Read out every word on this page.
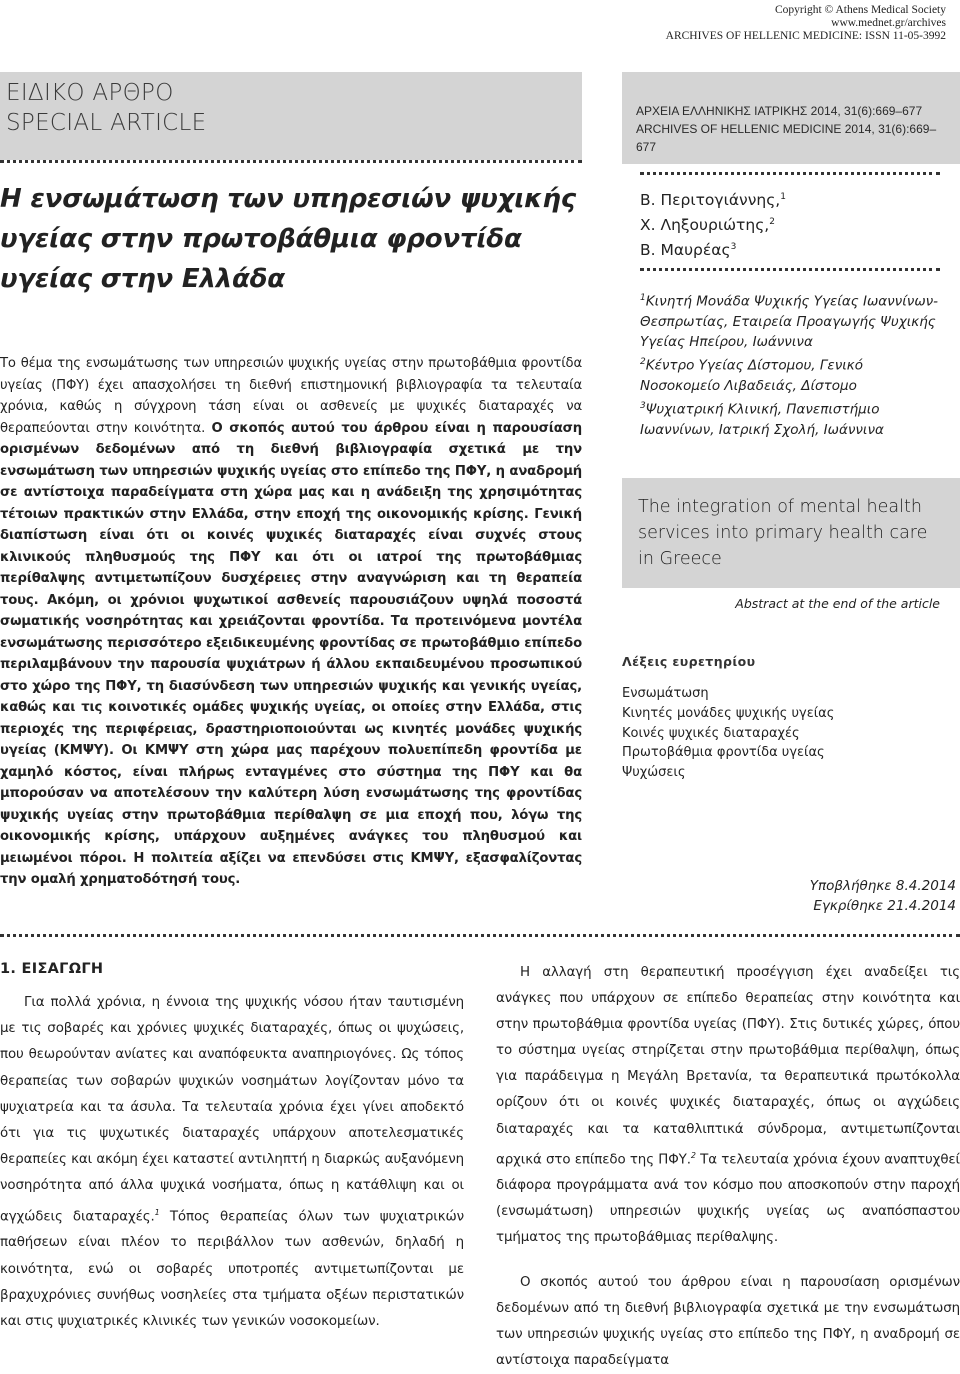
Copyright © Athens Medical Society
www.mednet.gr/archives
ARCHIVES OF HELLENIC MEDICINE: ISSN 11-05-3992
ΕΙΔΙΚΟ ΑΡΘΡΟ
SPECIAL ARTICLE
Η ενσωμάτωση των υπηρεσιών ψυχικής υγείας στην πρωτοβάθμια φροντίδα υγείας στην Ελλάδα
Το θέμα της ενσωμάτωσης των υπηρεσιών ψυχικής υγείας στην πρωτοβάθμια φροντίδα υγείας (ΠΦΥ) έχει απασχολήσει τη διεθνή επιστημονική βιβλιογραφία τα τελευταία χρόνια, καθώς η σύγχρονη τάση είναι οι ασθενείς με ψυχικές διαταραχές να θεραπεύονται στην κοινότητα. Ο σκοπός αυτού του άρθρου είναι η παρουσίαση ορισμένων δεδομένων από τη διεθνή βιβλιογραφία σχετικά με την ενσωμάτωση των υπηρεσιών ψυχικής υγείας στο επίπεδο της ΠΦΥ, η αναδρομή σε αντίστοιχα παραδείγματα στη χώρα μας και η ανάδειξη της χρησιμότητας τέτοιων πρακτικών στην Ελλάδα, στην εποχή της οικονομικής κρίσης. Γενική διαπίστωση είναι ότι οι κοινές ψυχικές διαταραχές είναι συχνές στους κλινικούς πληθυσμούς της ΠΦΥ και ότι οι ιατροί της πρωτοβάθμιας περίθαλψης αντιμετωπίζουν δυσχέρειες στην αναγνώριση και τη θεραπεία τους. Ακόμη, οι χρόνιοι ψυχωτικοί ασθενείς παρουσιάζουν υψηλά ποσοστά σωματικής νοσηρότητας και χρειάζονται φροντίδα. Τα προτεινόμενα μοντέλα ενσωμάτωσης περισσότερο εξειδικευμένης φροντίδας σε πρωτοβάθμιο επίπεδο περιλαμβάνουν την παρουσία ψυχιάτρων ή άλλου εκπαιδευμένου προσωπικού στο χώρο της ΠΦΥ, τη διασύνδεση των υπηρεσιών ψυχικής και γενικής υγείας, καθώς και τις κοινοτικές ομάδες ψυχικής υγείας, οι οποίες στην Ελλάδα, στις περιοχές της περιφέρειας, δραστηριοποιούνται ως κινητές μονάδες ψυχικής υγείας (ΚΜΨΥ). Οι ΚΜΨΥ στη χώρα μας παρέχουν πολυεπίπεδη φροντίδα με χαμηλό κόστος, είναι πλήρως ενταγμένες στο σύστημα της ΠΦΥ και θα μπορούσαν να αποτελέσουν την καλύτερη λύση ενσωμάτωσης της φροντίδας ψυχικής υγείας στην πρωτοβάθμια περίθαλψη σε μια εποχή που, λόγω της οικονομικής κρίσης, υπάρχουν αυξημένες ανάγκες του πληθυσμού και μειωμένοι πόροι. Η πολιτεία αξίζει να επενδύσει στις ΚΜΨΥ, εξασφαλίζοντας την ομαλή χρηματοδότησή τους.
ΑΡΧΕΙΑ ΕΛΛΗΝΙΚΗΣ ΙΑΤΡΙΚΗΣ 2014, 31(6):669–677
ARCHIVES OF HELLENIC MEDICINE 2014, 31(6):669–677
Β. Περιτογιάννης,$^1$
Χ. Ληξουριώτης,$^2$
Β. Μαυρέας$^3$
$^1$Κινητή Μονάδα Ψυχικής Υγείας Ιωαννίνων-Θεσπρωτίας, Εταιρεία Προαγωγής Ψυχικής Υγείας Ηπείρου, Ιωάννινα
$^2$Κέντρο Υγείας Δίστομου, Γενικό Νοσοκομείο Λιβαδειάς, Δίστομο
$^3$Ψυχιατρική Κλινική, Πανεπιστήμιο Ιωαννίνων, Ιατρική Σχολή, Ιωάννινα
The integration of mental health services into primary health care in Greece
Abstract at the end of the article
Λέξεις ευρετηρίου
Ενσωμάτωση
Κινητές μονάδες ψυχικής υγείας
Κοινές ψυχικές διαταραχές
Πρωτοβάθμια φροντίδα υγείας
Ψυχώσεις
Υποβλήθηκε 8.4.2014
Εγκρίθηκε 21.4.2014
1. ΕΙΣΑΓΩΓΗ

Για πολλά χρόνια, η έννοια της ψυχικής νόσου ήταν ταυτισμένη με τις σοβαρές και χρόνιες ψυχικές διαταραχές, όπως οι ψυχώσεις, που θεωρούνταν ανίατες και αναπόφευκτα αναπηριογόνες. Ως τόπος θεραπείας των σοβαρών ψυχικών νοσημάτων λογίζονταν μόνο τα ψυχιατρεία και τα άσυλα. Τα τελευταία χρόνια έχει γίνει αποδεκτό ότι για τις ψυχωτικές διαταραχές υπάρχουν αποτελεσματικές θεραπείες και ακόμη έχει καταστεί αντιληπτή η διαρκώς αυξανόμενη νοσηρότητα από άλλα ψυχικά νοσήματα, όπως η κατάθλιψη και οι αγχώδεις διαταραχές.$^1$ Τόπος θεραπείας όλων των ψυχιατρικών παθήσεων είναι πλέον το περιβάλλον των ασθενών, δηλαδή η κοινότητα, ενώ οι σοβαρές υποτροπές αντιμετωπίζονται με βραχυχρόνιες συνήθως νοσηλείες στα τμήματα οξέων περιστατικών και στις ψυχιατρικές κλινικές των γενικών νοσοκομείων.

Η αλλαγή στη θεραπευτική προσέγγιση έχει αναδείξει τις ανάγκες που υπάρχουν σε επίπεδο θεραπείας στην κοινότητα και στην πρωτοβάθμια φροντίδα υγείας (ΠΦΥ). Στις δυτικές χώρες, όπου το σύστημα υγείας στηρίζεται στην πρωτοβάθμια περίθαλψη, όπως για παράδειγμα η Μεγάλη Βρετανία, τα θεραπευτικά πρωτόκολλα ορίζουν ότι οι κοινές ψυχικές διαταραχές, όπως οι αγχώδεις διαταραχές και τα καταθλιπτικά σύνδρομα, αντιμετωπίζονται αρχικά στο επίπεδο της ΠΦΥ.$^2$ Τα τελευταία χρόνια έχουν αναπτυχθεί διάφορα προγράμματα ανά τον κόσμο που αποσκοπούν στην παροχή (ενσωμάτωση) υπηρεσιών ψυχικής υγείας ως αναπόσπαστου τμήματος της πρωτοβάθμιας περίθαλψης.

Ο σκοπός αυτού του άρθρου είναι η παρουσίαση ορισμένων δεδομένων από τη διεθνή βιβλιογραφία σχετικά με την ενσωμάτωση των υπηρεσιών ψυχικής υγείας στο επίπεδο της ΠΦΥ, η αναδρομή σε αντίστοιχα παραδείγματα
